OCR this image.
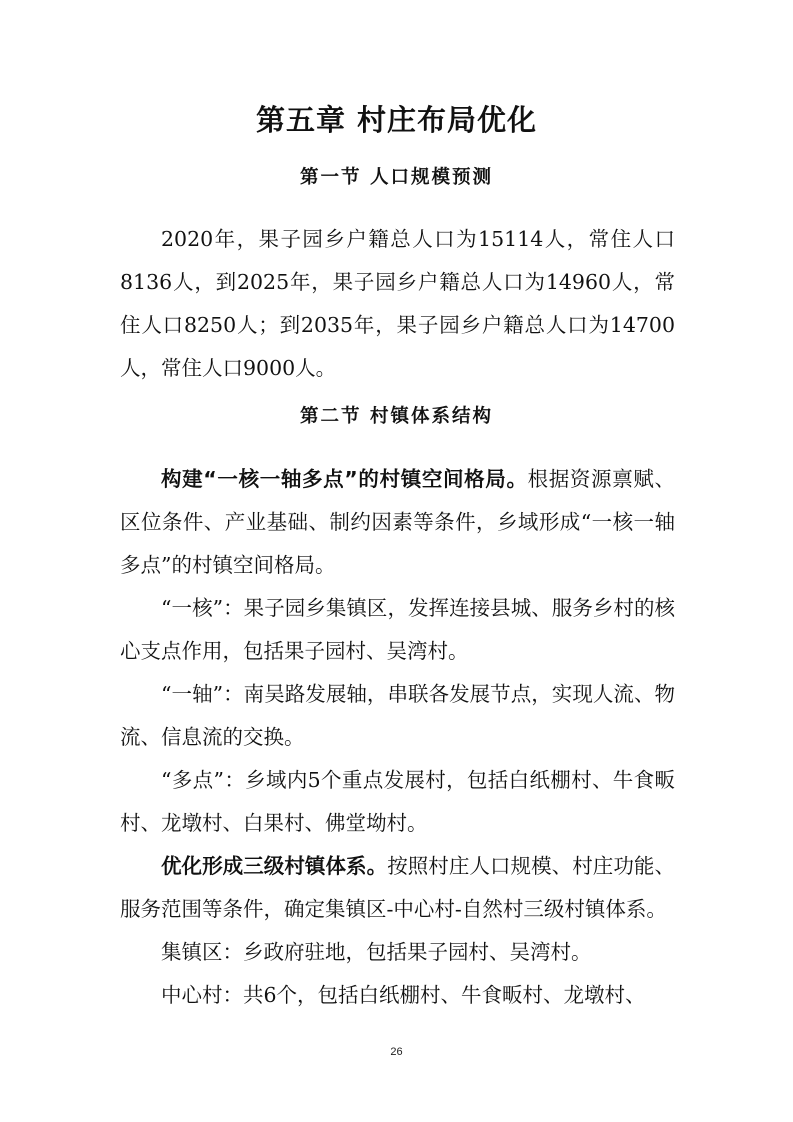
第五章 村庄布局优化
第一节 人口规模预测

2020年，果子园乡户籍总人口为15114人，常住人口8136人，到2025年，果子园乡户籍总人口为14960人，常住人口8250人；到2035年，果子园乡户籍总人口为14700人，常住人口9000人。

第二节 村镇体系结构

构建“一核一轴多点”的村镇空间格局。根据资源禀赋、区位条件、产业基础、制约因素等条件，乡域形成“一核一轴多点”的村镇空间格局。

“一核”：果子园乡集镇区，发挥连接县城、服务乡村的核心支点作用，包括果子园村、吴湾村。

“一轴”：南吴路发展轴，串联各发展节点，实现人流、物流、信息流的交换。

“多点”：乡域内5个重点发展村，包括白纸棚村、牛食畈村、龙墩村、白果村、佛堂坳村。

优化形成三级村镇体系。按照村庄人口规模、村庄功能、服务范围等条件，确定集镇区-中心村-自然村三级村镇体系。

集镇区：乡政府驻地，包括果子园村、吴湾村。

中心村：共6个，包括白纸棚村、牛食畈村、龙墩村、

26
